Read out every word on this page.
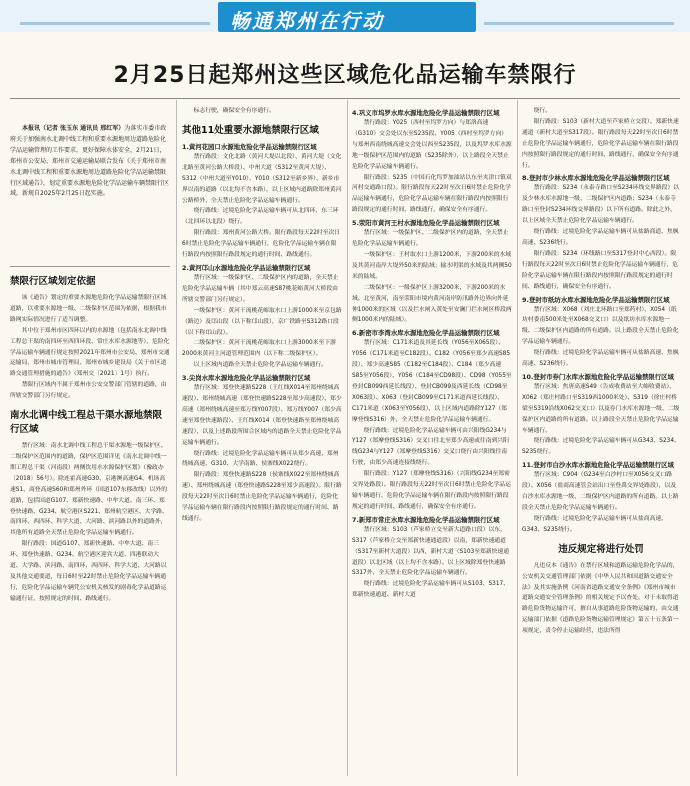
畅通郑州在行动
2月25日起郑州这些区域危化品运输车禁限行
本报讯（记者 张玉东 通讯员 邢红军）为落实市委市政府关于加强南水北调中线工程和重要水源地周边道路危险化学品运输管理的工作要求，更好保障水体安全，2月21日，郑州市公安局、郑州市交通运输局联合发布《关于郑州市南水北调中线工程和重要水源地周边道路危险化学品运输禁限行区域通告》，划定重要水源地危险化学品运输车辆禁限行区域，新规自2025年2月25日起实施。
禁限行区域划定依据

该《通告》划定的重要水源地危险化学品运输禁限行区域道路，以重要水源地一级、二级保护区范围为依据，根据我市路网实际情况进行了适当调整。

其中位于郑州市区四环以内的水源地（包括南水北调中线工程总干渠的南四环至西四环段、常庄水库水源地等），危险化学品运输车辆通行规定按照2021年郑州市公安局、郑州市交通运输局、郑州市城市管理局、郑州市城乡建设局《关于市区道路交通管理措施的通告》（郑州交〔2021〕1号）执行。

禁限行区域内不属于郑州市公安交警部门管辖的道路，由所辖交警部门另行规定。

南水北调中线工程总干渠水源地禁限行区域

禁行区域：南水北调中线工程总干渠水源地一级保护区、二级保护区范围内的道路，保护区范围详见《南水北调中线一期工程总干渠（河南段）两侧饮用水水源保护区划》（豫政办〔2018〕56号）。除连霍高速G30、京港澳高速G4、机场高速S1、商登高速S60和郑州外环（国道107东移改线）以外的道路，包括国道G107、郑新快速路、中牟大道、南三环、郑登快速路、G234、航空港区S221、郑州航空港区、大学路、南四环、西四环、科学大道、大河路、滨河路以外的道路外，其他所有道路全天禁止危险化学品运输车辆通行。

限行路段：国道G107、郑新快速路、中牟大道、南三环、郑登快速路、G234、航空港区迎宾大道、四港联动大道、大学路、滨河路、南四环、西四环、科学大道、大河路以及其他交通要道，每日6时至22时禁止危险化学品运输车辆通行，危险化学品运输车辆凭公安机关核发的剧毒化学品道路运输通行证，按照规定的时间、路线通行。

标志行驶，确保安全有序通行。

其他11处重要水源地禁限行区域
1.黄河花园口水源地危险化学品运输禁限行区域

禁行路段：文化北路（黄河大堤以北段）、黄河大堤（文化北路至黄河公路大桥段）、中州大道（S312至黄河大堤）、S312（中州大道至Y010）、Y010（S312至新乡界）、新乡市界以南的道路（以北均不含本路），以上区域内道路除郑州黄河公路桥外，全天禁止危险化学品运输车辆通行。

绕行路线：过境危险化学品运输车辆可从北四环、东三环（北四环以北段）绕行。

限行路段：郑州黄河公路大桥。限行路段每天22时至次日6时禁止危险化学品运输车辆通行，危险化学品运输车辆在限行路段内按照限行路段规定的通行时间、路线通行。

2.黄河邙山水源地危险化学品运输禁限行区域

禁行区域：一级保护区、二级保护区内的道路，全天禁止危险化学品运输车辆（其中郑云高速S87桃花峪黄河大桥段由所辖交警部门另行规定）。

一级保护区：黄河干流桃花峪取水口上游1000米至京包路（路边）及邙山段（以下称邙山段），京广铁路至S312路口段（以下称邙山段）。

二级保护区：黄河干流桃花峪取水口上游3000米至下游2000米黄河主河道管理范围内（以下称二级保护区）。

以上区域内道路全天禁止危险化学品运输车辆通行。

3.尖岗水库水源地危险化学品运输禁限行区域

禁行区域：郑登快速路S228（王红线X014至郑州绕城高速段）、郑州绕城高速（郑登快速路S228至郑少高速段）、郑少高速（郑州绕城高速至郑万线Y007段）、郑万线Y007（郑少高速至郑登快速路段）、王红线X014（郑登快速路至郑州绕城高速段），以及上述路段所围合区域内的道路全天禁止危险化学品运输车辆通行。

绕行路线：过境危险化学品运输车辆可从郑少高速、郑州绕城高速、G310、大学南路、侯寨线X022绕行。

限行路段：郑登快速路S228（侯寨线X022至郑州绕城高速）、郑州绕城高速（郑登快速路S228至郑少高速段）。限行路段每天22时至次日6时禁止危险化学品运输车辆通行，危险化学品运输车辆在限行路段内按照限行路段规定的通行时间、路线通行。

4.巩义市坞罗水库水源地危险化学品运输禁限行区域

禁行路段：Y025（西村至坞罗方向）与郑洛高速（G310）交会处以东至S235段、Y005（西村至坞罗方向）与郑州西南绕城高速交会处以西至S235段，以及坞罗水库水源地一级保护区范围内的道路（S235除外），以上路段全天禁止危险化学品运输车辆通行。

限行路段：S235（中国石化坞罗加油站以东至夹津口镇双河村交通路口段）。限行路段每天22时至次日6时禁止危险化学品运输车辆通行，危险化学品运输车辆在限行路段内按照限行路段规定的通行时间、路线通行，确保安全有序通行。

5.荥阳市黄河王村水源地危险化学品运输禁限行区域

禁行区域：一级保护区、二级保护区内的道路，全天禁止危险化学品运输车辆通行。

一级保护区：王村取水口上游1200米，下游200米的水域及其黄河南岸大堤外50米的陆域；输水明渠的水域及其两侧50米的陆域。

二级保护区：一级保护区上游3200米，下游200米的水域。北至黄河，南至荥阳市境内黄河南岸防汛路外边界向外延伸1000米的区域（以及拦水闸入黄处至安澜门拦水闸区桥段两侧1000米内的陆域）。

6.新密市李湾水库水源地危险化学品运输禁限行区域

禁行区域：C171米道及其延长线（Y056至X065段）、Y056（C171米道至C182段）、C182（Y056至郑少高速S85段）、郑少高速S85（C182至C184段）、C184（郑少高速S85至Y056段）、Y056（C184至CD98段）、CD98（Y055至登封CB099西延长线段）、登封CB099及西延长线（CD98至X063段）、X063（登封CB099至C171米道西延长线段）、C171米道（X063至Y056段），以上区域内道路除Y127（郑摩登线S316）外，全天禁止危险化学品运输车辆通行。

绕行路线：过境危险化学品运输车辆可由兴阳线G234与Y127（郑摩登线S316）交叉口往北至郑少高速或往南到兴阳线G234与Y127（郑摩登线S316）交叉口绕行由兴阳线往南行驶，由郑少高速连接线绕行。

限行路段：Y127（郑摩登线S316）（兴阳线G234至郑密交界处路段）。限行路段每天22时至次日6时禁止危险化学品运输车辆通行，危险化学品运输车辆在限行路段内按照限行路段规定的通行时间、路线通行，确保安全有序通行。

7.新郑市常庄水库水源地危险化学品运输禁限行区域

禁行区域：S103（芦家桥立交至新大道路口段）以东，S317（芦家桥立交至郑新快速通道段）以南，郑新快速通道（S317至新村大道段）以西，新村大道（S103至郑新快速通道段）以北区域（以上均不含本路）。以上区域除郑登快速路S317外，全天禁止危险化学品运输车辆通行。

绕行路线：过境危险化学品运输车辆可从S103、S317、郑新快速通道、新村大道

绕行。

限行路段：S103（新村大道至芦家桥立交段）、郑新快速通道（新村大道至S317段）。限行路段每天22时至次日6时禁止危险化学品运输车辆通行，危险化学品运输车辆在限行路段内按照限行路段规定的通行时间、路线通行，确保安全有序通行。

8.登封市少林水库水源地危险化学品运输禁限行区域

禁行路段：S234（永泰寺路口至S234环线交界路段）以及少林水库水源地一级、二级保护区内道路；S234（永泰寺路口至登封S234环线交界路段）以下所有道路。除此之外，以上区域全天禁止危险化学品运输车辆通行。

绕行路线：过境危险化学品运输车辆可从盐路商道、焦枫高速、S236绕行。

限行路段：S234（环线路口至S317登封中心西段）。限行路段每天22时至次日6时禁止危险化学品运输车辆通行，危险化学品运输车辆在限行路段内按照限行路段规定的通行时间、路线通行，确保安全有序通行。

9.登封市纸坊水库水源地危险化学品运输禁限行区域

禁行区域：X068（刘庄北环路口至郑药村）、X054（纸坊村委南500米处至X068交叉口）以及纸坊水库水源地一级、二级保护区内道路的所有道路。以上路段全天禁止危险化学品运输车辆通行。

绕行路线：过境危险化学品运输车辆可从盐路高速、焦枫高速、S236绕行。

10.登封市券门水库水源地危险化学品运输禁限行区域

禁行区域：焦唐高速S49（告成收费站至大峪收费站）、X062（郑庄村路口至S319西1000米处）、S319（徐庄村桥梁至S319沿线X062交叉口）以及券门水库水源地一级、二级保护区内道路的所有道路。以上路段全天禁止危险化学品运输车辆通行。

绕行路线：过境危险化学品运输车辆可从G343、S234、S235绕行。

11.登封市白沙水库水源地危险化学品运输禁限行区域

禁行区域：C904（G234至白沙村口至X056交叉口路段）、X056（盐商高速管会站出口至登禹交界处路段），以及白沙水库水源地一级、二级保护区内道路的所有道路。以上路段全天禁止危险化学品运输车辆通行。

绕行路线：过境危险化学品运输车辆可从盐商高速、G343、S235绕行。

违反规定将进行处罚

凡违反本《通告》在禁行区域和道路运输危险化学品的，公安机关交通管理部门依据《中华人民共和国道路交通安全法》及其实施条例《河南省道路交通安全条例》《郑州市城市道路交通安全管理条例》的相关规定予以查处。对于未取得道路危险货物运输许可，擅自从事道路危险货物运输的，由交通运输部门依据《道路危险货物运输管理规定》第五十五条第一项规定，责令停止运输经营，违法所得
